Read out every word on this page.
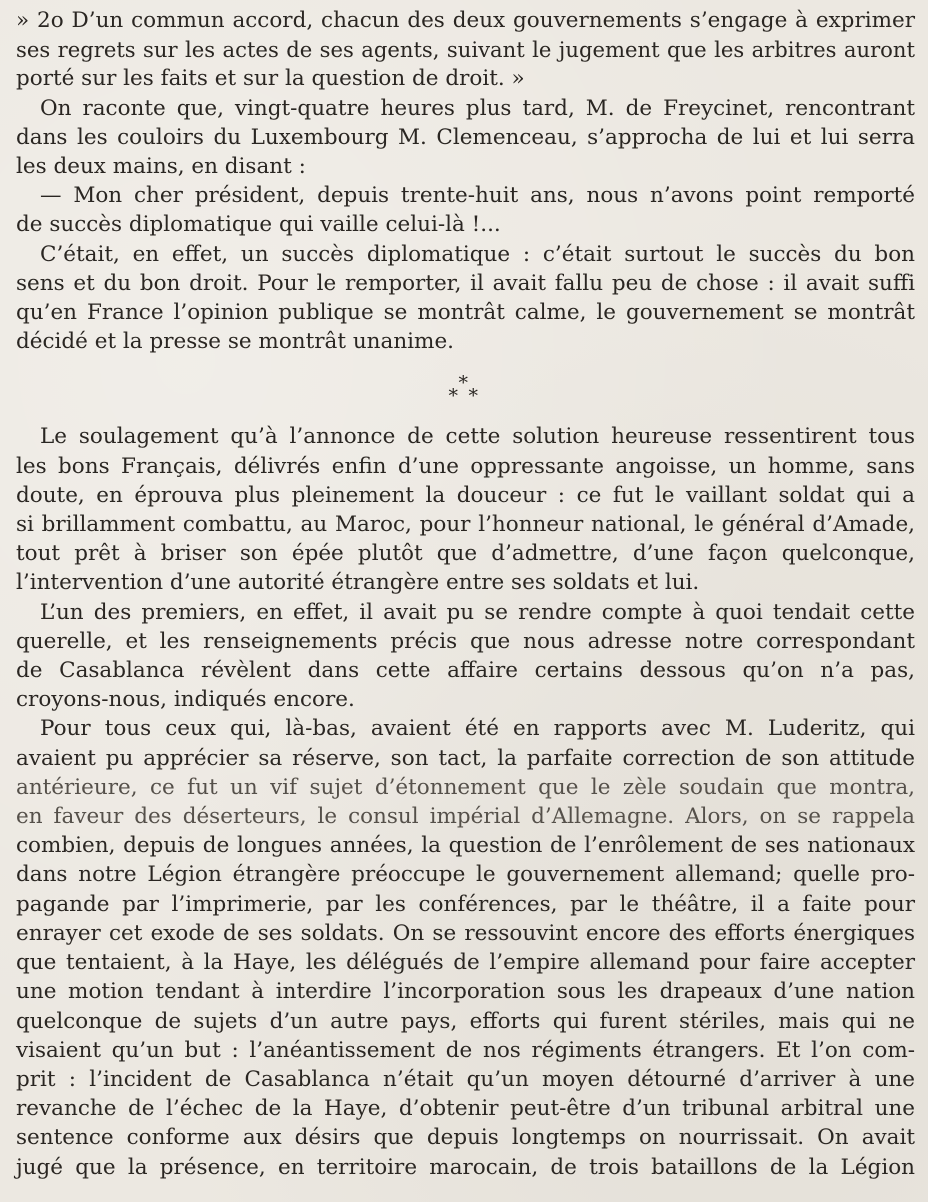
» 2o D’un commun accord, chacun des deux gouvernements s’engage à exprimer
ses regrets sur les actes de ses agents, suivant le jugement que les arbitres auront
porté sur les faits et sur la question de droit. »

On raconte que, vingt-quatre heures plus tard, M. de Freycinet, rencontrant
dans les couloirs du Luxembourg M. Clemenceau, s’approcha de lui et lui serra
les deux mains, en disant :

— Mon cher président, depuis trente-huit ans, nous n’avons point remporté
de succès diplomatique qui vaille celui-là !...

C’était, en effet, un succès diplomatique : c’était surtout le succès du bon
sens et du bon droit. Pour le remporter, il avait fallu peu de chose : il avait suffi
qu’en France l’opinion publique se montrât calme, le gouvernement se montrât
décidé et la presse se montrât unanime.

*
* *

Le soulagement qu’à l’annonce de cette solution heureuse ressentirent tous
les bons Français, délivrés enfin d’une oppressante angoisse, un homme, sans
doute, en éprouva plus pleinement la douceur : ce fut le vaillant soldat qui a
si brillamment combattu, au Maroc, pour l’honneur national, le général d’Amade,
tout prêt à briser son épée plutôt que d’admettre, d’une façon quelconque,
l’intervention d’une autorité étrangère entre ses soldats et lui.

L’un des premiers, en effet, il avait pu se rendre compte à quoi tendait cette
querelle, et les renseignements précis que nous adresse notre correspondant
de Casablanca révèlent dans cette affaire certains dessous qu’on n’a pas,
croyons-nous, indiqués encore.

Pour tous ceux qui, là-bas, avaient été en rapports avec M. Luderitz, qui
avaient pu apprécier sa réserve, son tact, la parfaite correction de son attitude
antérieure, ce fut un vif sujet d’étonnement que le zèle soudain que montra,
en faveur des déserteurs, le consul impérial d’Allemagne. Alors, on se rappela
combien, depuis de longues années, la question de l’enrôlement de ses nationaux
dans notre Légion étrangère préoccupe le gouvernement allemand; quelle pro-
pagande par l’imprimerie, par les conférences, par le théâtre, il a faite pour
enrayer cet exode de ses soldats. On se ressouvint encore des efforts énergiques
que tentaient, à la Haye, les délégués de l’empire allemand pour faire accepter
une motion tendant à interdire l’incorporation sous les drapeaux d’une nation
quelconque de sujets d’un autre pays, efforts qui furent stériles, mais qui ne
visaient qu’un but : l’anéantissement de nos régiments étrangers. Et l’on com-
prit : l’incident de Casablanca n’était qu’un moyen détourné d’arriver à une
revanche de l’échec de la Haye, d’obtenir peut-être d’un tribunal arbitral une
sentence conforme aux désirs que depuis longtemps on nourrissait. On avait
jugé que la présence, en territoire marocain, de trois bataillons de la Légion
